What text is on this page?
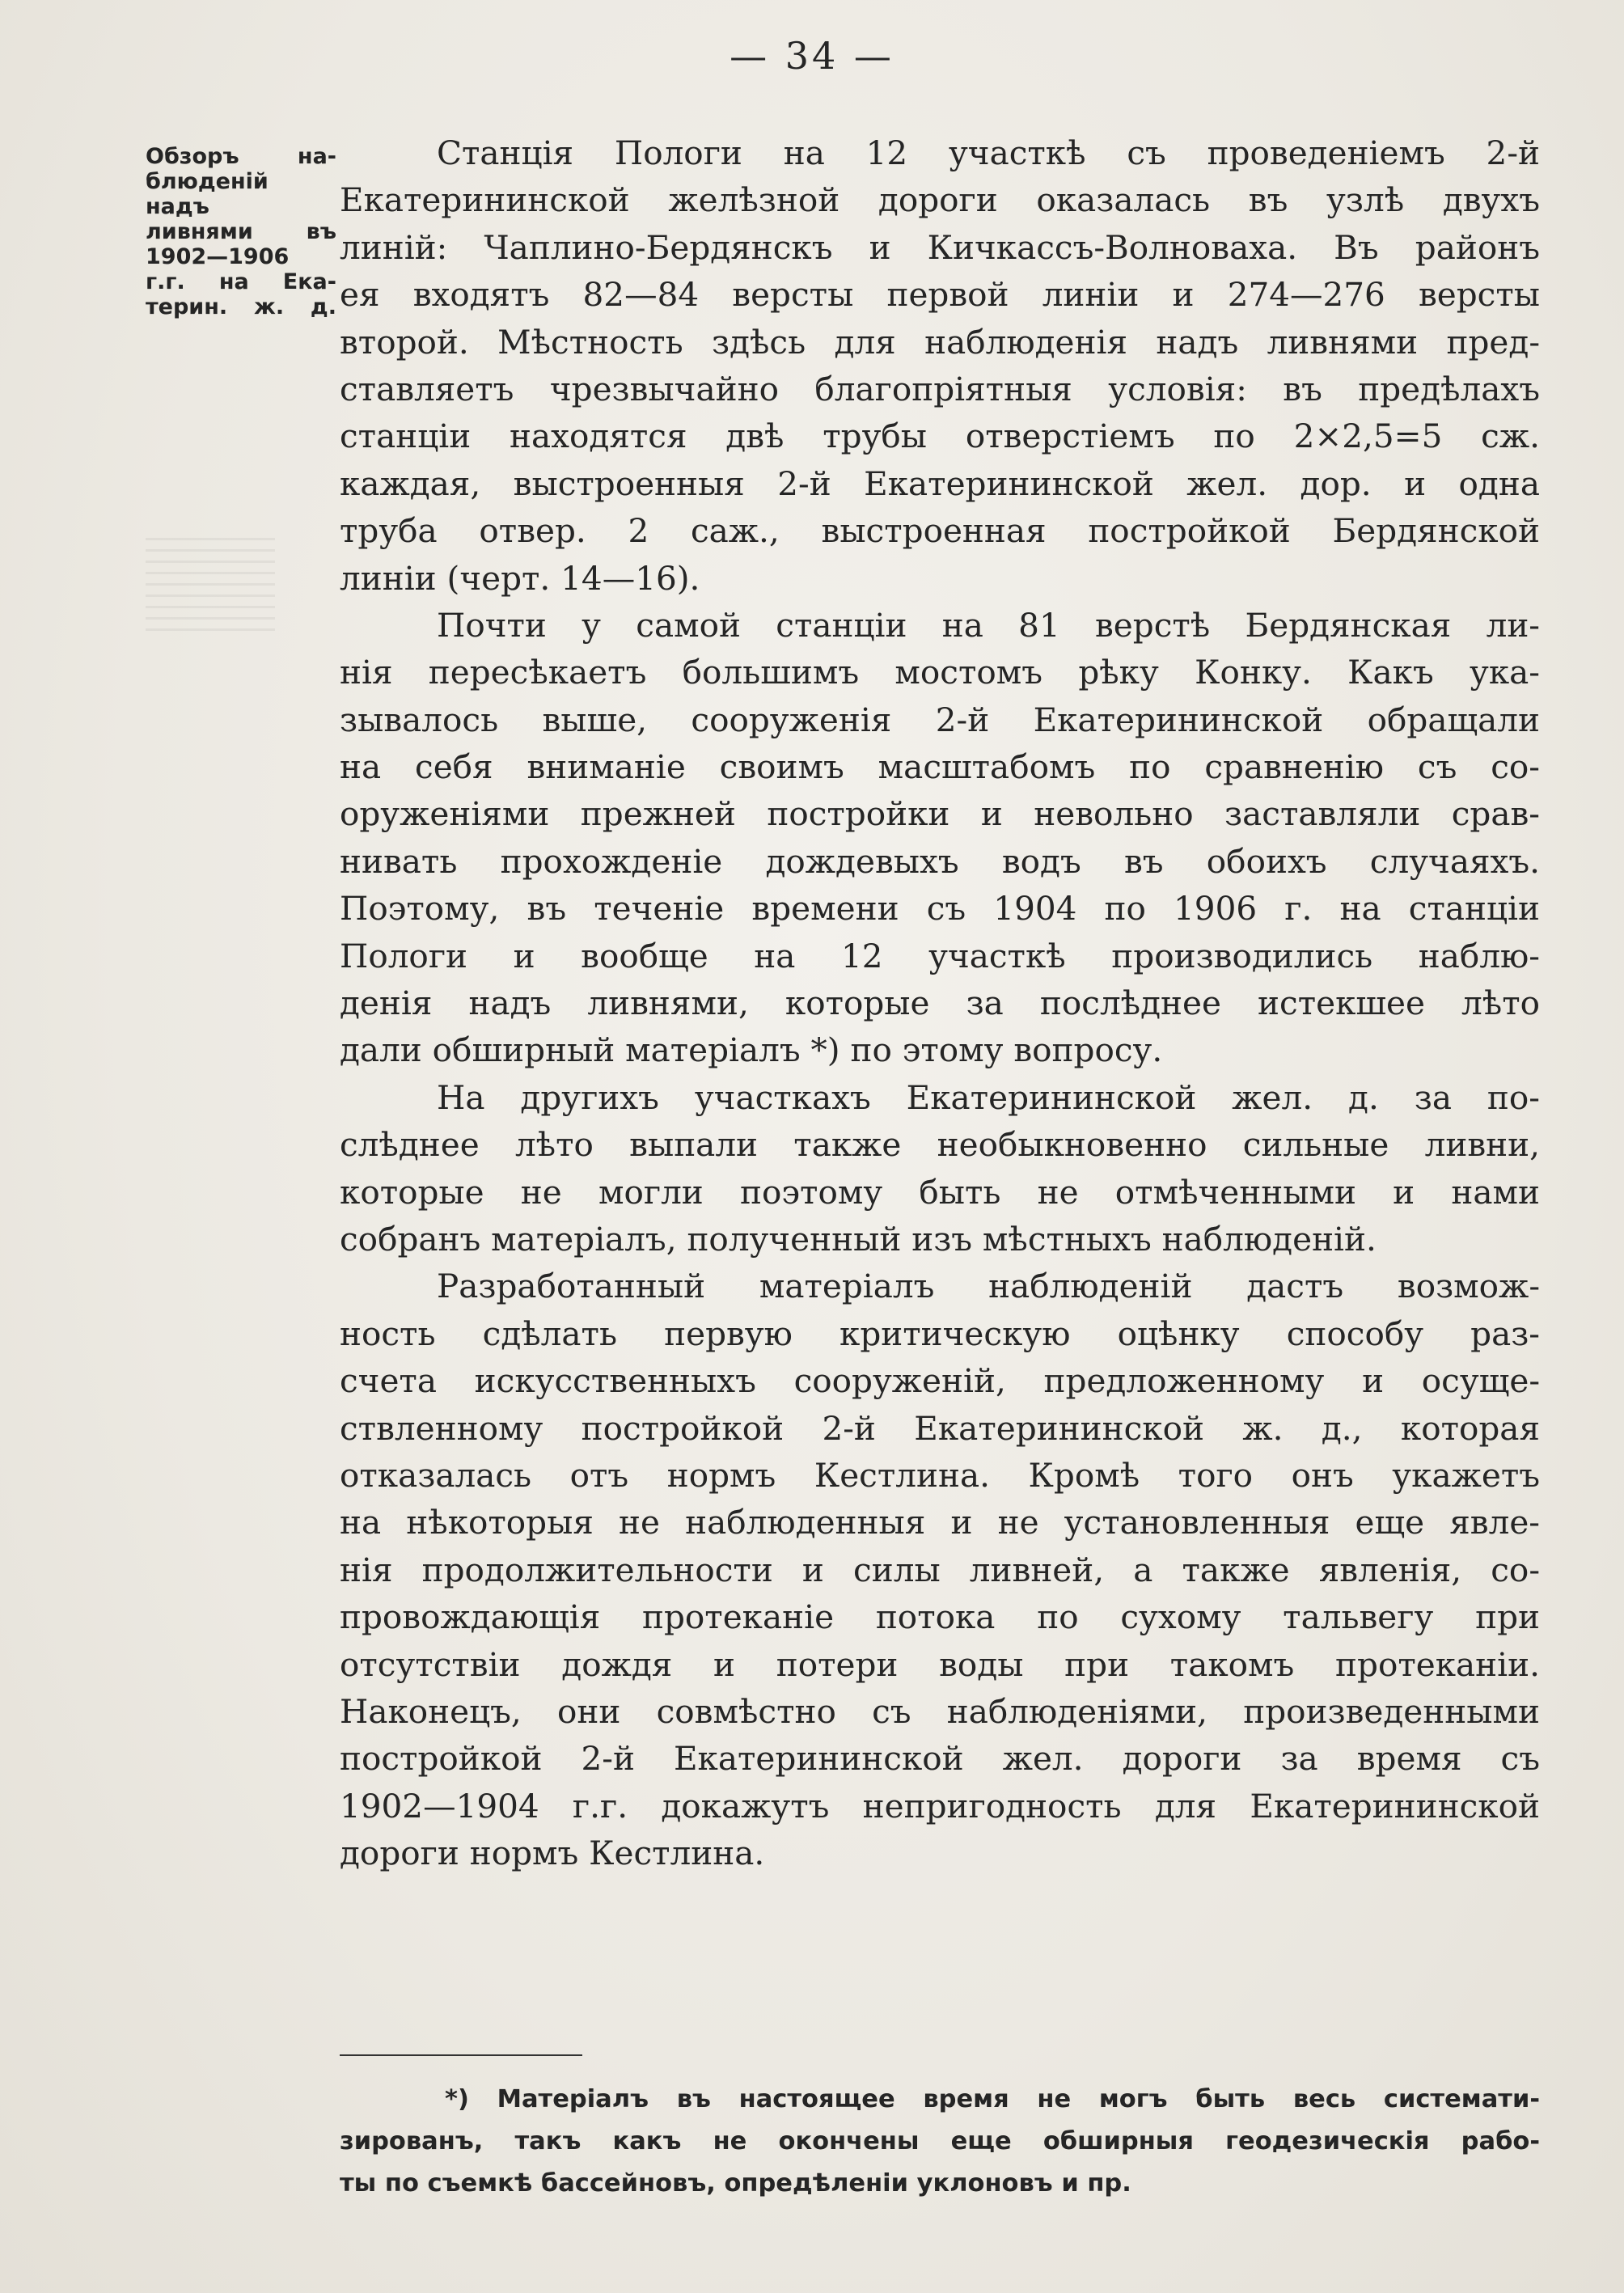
— 34 —
Обзоръ на-
блюденій надъ
ливнями въ
1902—1906
г.г. на Ека-
терин. ж. д.
Станція Пологи на 12 участкѣ съ проведеніемъ 2-й
Екатерининской желѣзной дороги оказалась въ узлѣ двухъ
линій: Чаплино-Бердянскъ и Кичкассъ-Волноваха. Въ районъ
ея входятъ 82—84 версты первой линіи и 274—276 версты
второй. Мѣстность здѣсь для наблюденія надъ ливнями пред-
ставляетъ чрезвычайно благопріятныя условія: въ предѣлахъ
станціи находятся двѣ трубы отверстіемъ по 2×2,5=5 сж.
каждая, выстроенныя 2-й Екатерининской жел. дор. и одна
труба отвер. 2 саж., выстроенная постройкой Бердянской
линіи (черт. 14—16).
Почти у самой станціи на 81 верстѣ Бердянская ли-
нія пересѣкаетъ большимъ мостомъ рѣку Конку. Какъ ука-
зывалось выше, сооруженія 2-й Екатерининской обращали
на себя вниманіе своимъ масштабомъ по сравненію съ со-
оруженіями прежней постройки и невольно заставляли срав-
нивать прохожденіе дождевыхъ водъ въ обоихъ случаяхъ.
Поэтому, въ теченіе времени съ 1904 по 1906 г. на станціи
Пологи и вообще на 12 участкѣ производились наблю-
денія надъ ливнями, которые за послѣднее истекшее лѣто
дали обширный матеріалъ *) по этому вопросу.
На другихъ участкахъ Екатерининской жел. д. за по-
слѣднее лѣто выпали также необыкновенно сильные ливни,
которые не могли поэтому быть не отмѣченными и нами
собранъ матеріалъ, полученный изъ мѣстныхъ наблюденій.
Разработанный матеріалъ наблюденій дастъ возмож-
ность сдѣлать первую критическую оцѣнку способу раз-
счета искусственныхъ сооруженій, предложенному и осуще-
ствленному постройкой 2-й Екатерининской ж. д., которая
отказалась отъ нормъ Кестлина. Кромѣ того онъ укажетъ
на нѣкоторыя не наблюденныя и не установленныя еще явле-
нія продолжительности и силы ливней, а также явленія, со-
провождающія протеканіе потока по сухому тальвегу при
отсутствіи дождя и потери воды при такомъ протеканіи.
Наконецъ, они совмѣстно съ наблюденіями, произведенными
постройкой 2-й Екатерининской жел. дороги за время съ
1902—1904 г.г. докажутъ непригодность для Екатерининской
дороги нормъ Кестлина.
*) Матеріалъ въ настоящее время не могъ быть весь системати-
зированъ, такъ какъ не окончены еще обширныя геодезическія рабо-
ты по съемкѣ бассейновъ, опредѣленіи уклоновъ и пр.
